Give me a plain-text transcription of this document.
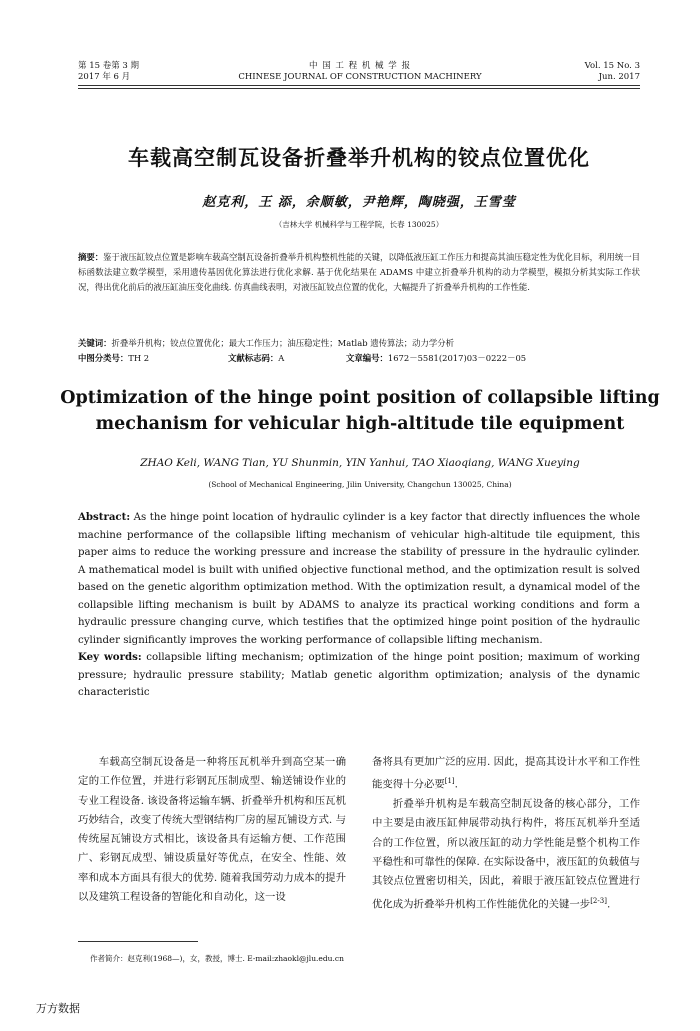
第 15 卷第 3 期
2017 年 6 月
中 国 工 程 机 械 学 报
CHINESE JOURNAL OF CONSTRUCTION MACHINERY
Vol. 15 No. 3
Jun. 2017
车载高空制瓦设备折叠举升机构的铰点位置优化
赵克利，王 添，余顺敏，尹艳辉，陶晓强，王雪莹
（吉林大学 机械科学与工程学院，长春 130025）
摘要：鉴于液压缸铰点位置是影响车载高空制瓦设备折叠举升机构整机性能的关键，以降低液压缸工作压力和提高其油压稳定性为优化目标，利用统一目标函数法建立数学模型，采用遗传基因优化算法进行优化求解. 基于优化结果在 ADAMS 中建立折叠举升机构的动力学模型，模拟分析其实际工作状况，得出优化前后的液压缸油压变化曲线. 仿真曲线表明，对液压缸铰点位置的优化，大幅提升了折叠举升机构的工作性能.
关键词：折叠举升机构；铰点位置优化；最大工作压力；油压稳定性；Matlab 遗传算法；动力学分析
中图分类号：TH 2	文献标志码：A	文章编号：1672－5581(2017)03－0222－05
Optimization of the hinge point position of collapsible lifting mechanism for vehicular high-altitude tile equipment
ZHAO Keli, WANG Tian, YU Shunmin, YIN Yanhui, TAO Xiaoqiang, WANG Xueying
(School of Mechanical Engineering, Jilin University, Changchun 130025, China)
Abstract: As the hinge point location of hydraulic cylinder is a key factor that directly influences the whole machine performance of the collapsible lifting mechanism of vehicular high-altitude tile equipment, this paper aims to reduce the working pressure and increase the stability of pressure in the hydraulic cylinder. A mathematical model is built with unified objective functional method, and the optimization result is solved based on the genetic algorithm optimization method. With the optimization result, a dynamical model of the collapsible lifting mechanism is built by ADAMS to analyze its practical working conditions and form a hydraulic pressure changing curve, which testifies that the optimized hinge point position of the hydraulic cylinder significantly improves the working performance of collapsible lifting mechanism.
Key words: collapsible lifting mechanism; optimization of the hinge point position; maximum of working pressure; hydraulic pressure stability; Matlab genetic algorithm optimization; analysis of the dynamic characteristic

车载高空制瓦设备是一种将压瓦机举升到高空某一确定的工作位置，并进行彩钢瓦压制成型、输送铺设作业的专业工程设备. 该设备将运输车辆、折叠举升机构和压瓦机巧妙结合，改变了传统大型钢结构厂房的屋瓦铺设方式. 与传统屋瓦铺设方式相比，该设备具有运输方便、工作范围广、彩钢瓦成型、铺设质量好等优点，在安全、性能、效率和成本方面具有很大的优势. 随着我国劳动力成本的提升以及建筑工程设备的智能化和自动化，这一设

备将具有更加广泛的应用. 因此，提高其设计水平和工作性能变得十分必要[1].

折叠举升机构是车载高空制瓦设备的核心部分，工作中主要是由液压缸伸展带动执行构件，将压瓦机举升至适合的工作位置，所以液压缸的动力学性能是整个机构工作平稳性和可靠性的保障. 在实际设备中，液压缸的负载值与其铰点位置密切相关，因此，着眼于液压缸铰点位置进行优化成为折叠举升机构工作性能优化的关键一步[2-3].

作者简介：赵克利(1968—)，女，教授，博士. E-mail:zhaokl@jlu.edu.cn
万方数据
